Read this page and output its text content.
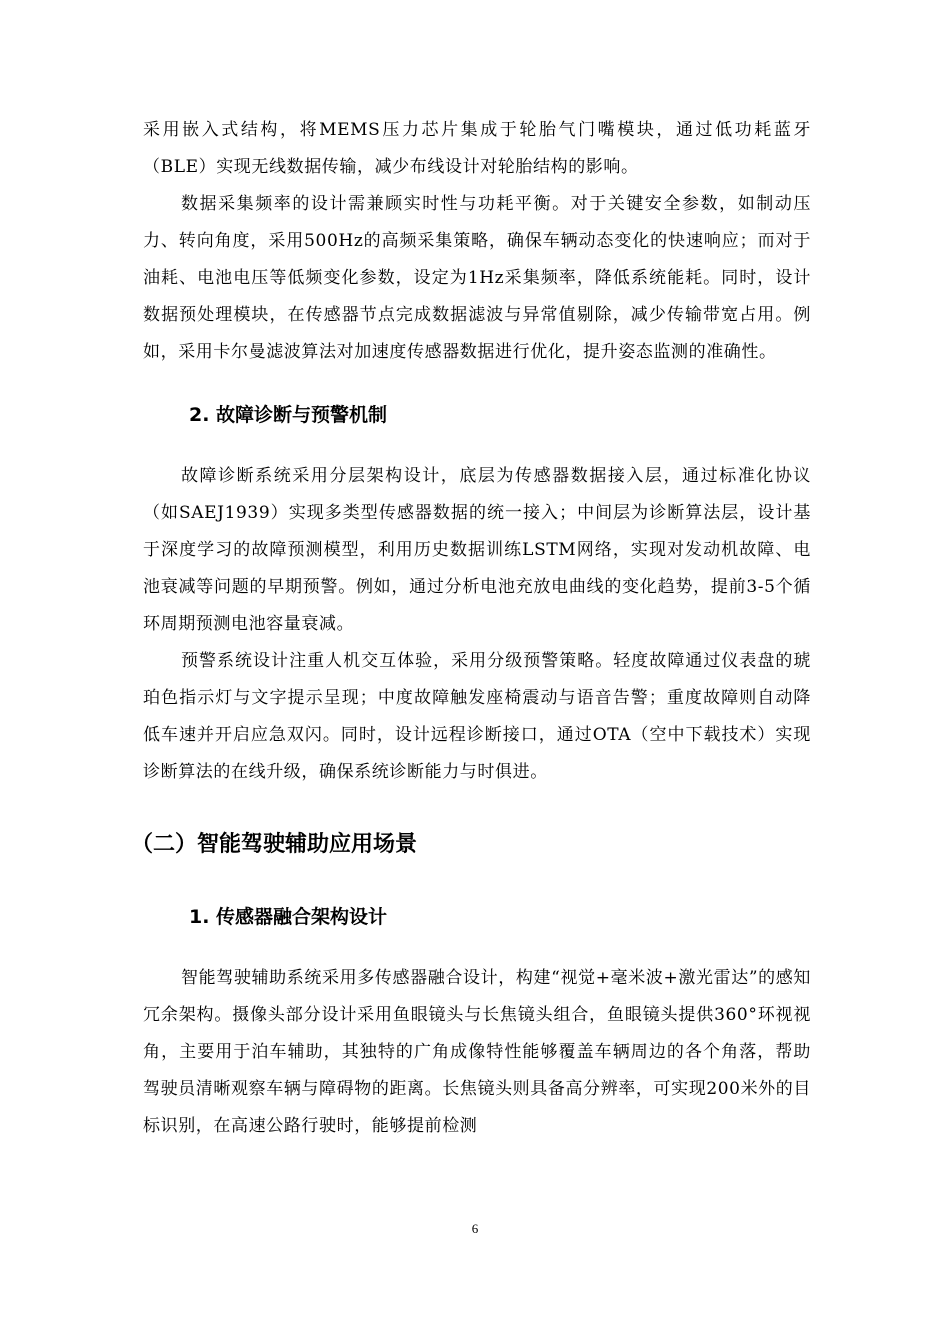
采用嵌入式结构，将MEMS压力芯片集成于轮胎气门嘴模块，通过低功耗蓝牙（BLE）实现无线数据传输，减少布线设计对轮胎结构的影响。

数据采集频率的设计需兼顾实时性与功耗平衡。对于关键安全参数，如制动压力、转向角度，采用500Hz的高频采集策略，确保车辆动态变化的快速响应；而对于油耗、电池电压等低频变化参数，设定为1Hz采集频率，降低系统能耗。同时，设计数据预处理模块，在传感器节点完成数据滤波与异常值剔除，减少传输带宽占用。例如，采用卡尔曼滤波算法对加速度传感器数据进行优化，提升姿态监测的准确性。

2. 故障诊断与预警机制

故障诊断系统采用分层架构设计，底层为传感器数据接入层，通过标准化协议（如SAEJ1939）实现多类型传感器数据的统一接入；中间层为诊断算法层，设计基于深度学习的故障预测模型，利用历史数据训练LSTM网络，实现对发动机故障、电池衰减等问题的早期预警。例如，通过分析电池充放电曲线的变化趋势，提前3-5个循环周期预测电池容量衰减。

预警系统设计注重人机交互体验，采用分级预警策略。轻度故障通过仪表盘的琥珀色指示灯与文字提示呈现；中度故障触发座椅震动与语音告警；重度故障则自动降低车速并开启应急双闪。同时，设计远程诊断接口，通过OTA（空中下载技术）实现诊断算法的在线升级，确保系统诊断能力与时俱进。

（二）智能驾驶辅助应用场景
1. 传感器融合架构设计

智能驾驶辅助系统采用多传感器融合设计，构建“视觉+毫米波+激光雷达”的感知冗余架构。摄像头部分设计采用鱼眼镜头与长焦镜头组合，鱼眼镜头提供360°环视视角，主要用于泊车辅助，其独特的广角成像特性能够覆盖车辆周边的各个角落，帮助驾驶员清晰观察车辆与障碍物的距离。长焦镜头则具备高分辨率，可实现200米外的目标识别，在高速公路行驶时，能够提前检测

6
